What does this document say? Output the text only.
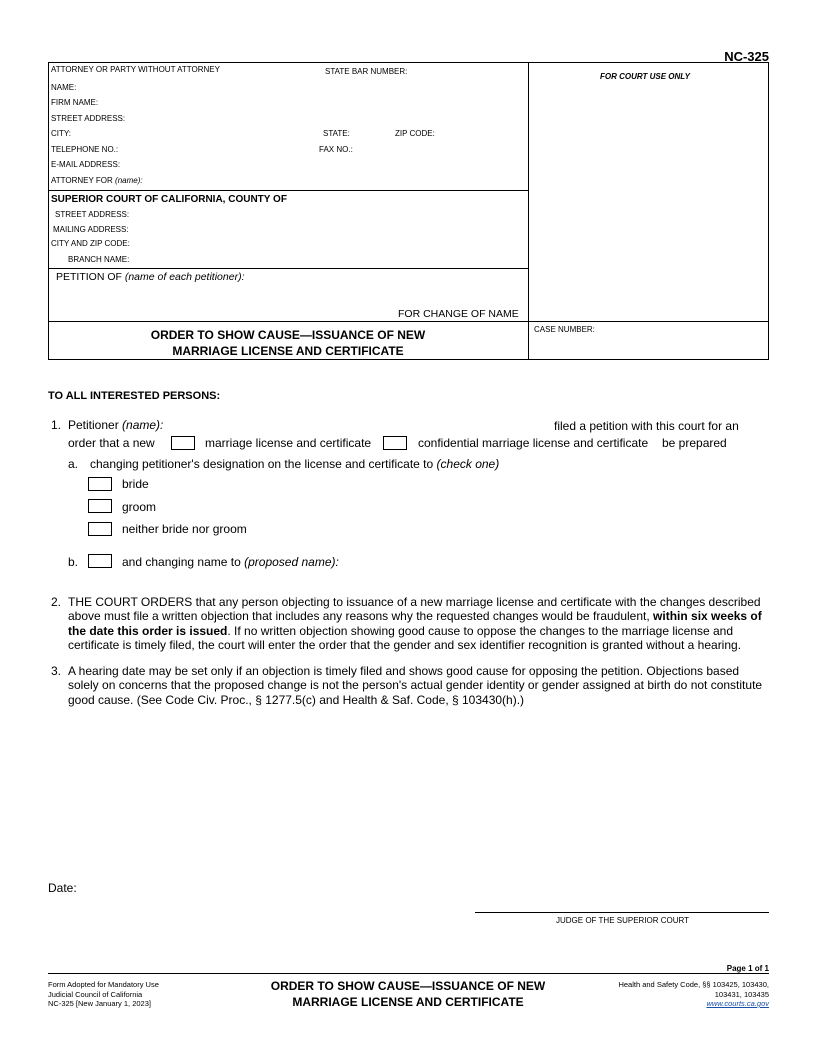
NC-325
ATTORNEY OR PARTY WITHOUT ATTORNEY	STATE BAR NUMBER:
FOR COURT USE ONLY
NAME:
FIRM NAME:
STREET ADDRESS:
CITY:	STATE:	ZIP CODE:
TELEPHONE NO.:	FAX NO.:
E-MAIL ADDRESS:
ATTORNEY FOR (name):
SUPERIOR COURT OF CALIFORNIA, COUNTY OF
STREET ADDRESS:
MAILING ADDRESS:
CITY AND ZIP CODE:
BRANCH NAME:
PETITION OF (name of each petitioner):
FOR CHANGE OF NAME
ORDER TO SHOW CAUSE—ISSUANCE OF NEW
MARRIAGE LICENSE AND CERTIFICATE
CASE NUMBER:
TO ALL INTERESTED PERSONS:
1. Petitioner (name):	filed a petition with this court for an
order that a new	marriage license and certificate	confidential marriage license and certificate be prepared
a. changing petitioner's designation on the license and certificate to (check one)
bride
groom
neither bride nor groom
b.	and changing name to (proposed name):
2. THE COURT ORDERS that any person objecting to issuance of a new marriage license and certificate with the changes described above must file a written objection that includes any reasons why the requested changes would be fraudulent, within six weeks of the date this order is issued. If no written objection showing good cause to oppose the changes to the marriage license and certificate is timely filed, the court will enter the order that the gender and sex identifier recognition is granted without a hearing.
3. A hearing date may be set only if an objection is timely filed and shows good cause for opposing the petition. Objections based solely on concerns that the proposed change is not the person's actual gender identity or gender assigned at birth do not constitute good cause. (See Code Civ. Proc., § 1277.5(c) and Health & Saf. Code, § 103430(h).)
Date:
JUDGE OF THE SUPERIOR COURT
Page 1 of 1
Form Adopted for Mandatory Use
Judicial Council of California
NC-325 [New January 1, 2023]
ORDER TO SHOW CAUSE—ISSUANCE OF NEW
MARRIAGE LICENSE AND CERTIFICATE
Health and Safety Code, §§ 103425, 103430,
103431, 103435
www.courts.ca.gov
